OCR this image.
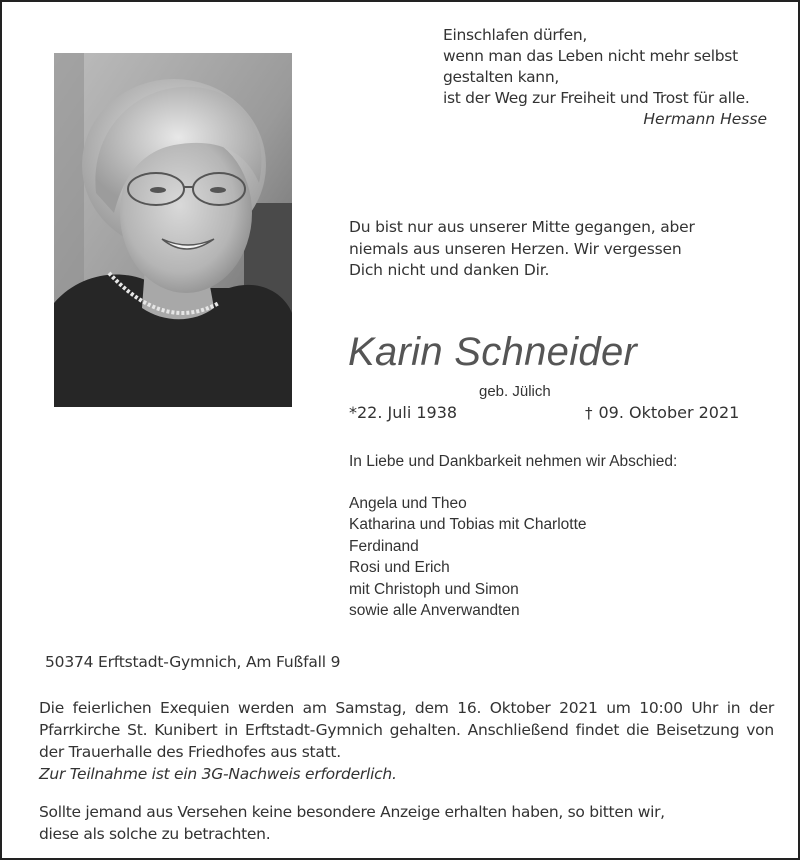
Einschlafen dürfen,
wenn man das Leben nicht mehr selbst
gestalten kann,
ist der Weg zur Freiheit und Trost für alle.
Hermann Hesse
Du bist nur aus unserer Mitte gegangen, aber
niemals aus unseren Herzen. Wir vergessen
Dich nicht und danken Dir.
Karin Schneider
geb. Jülich
*22. Juli 1938	† 09. Oktober 2021
In Liebe und Dankbarkeit nehmen wir Abschied:
Angela und Theo
Katharina und Tobias mit Charlotte
Ferdinand
Rosi und Erich
mit Christoph und Simon
sowie alle Anverwandten
50374 Erftstadt-Gymnich, Am Fußfall 9
Die feierlichen Exequien werden am Samstag, dem 16. Oktober 2021 um 10:00 Uhr in der Pfarrkirche St. Kunibert in Erftstadt-Gymnich gehalten. Anschließend findet die Beisetzung von der Trauerhalle des Friedhofes aus statt.
Zur Teilnahme ist ein 3G-Nachweis erforderlich.
Sollte jemand aus Versehen keine besondere Anzeige erhalten haben, so bitten wir,
diese als solche zu betrachten.
